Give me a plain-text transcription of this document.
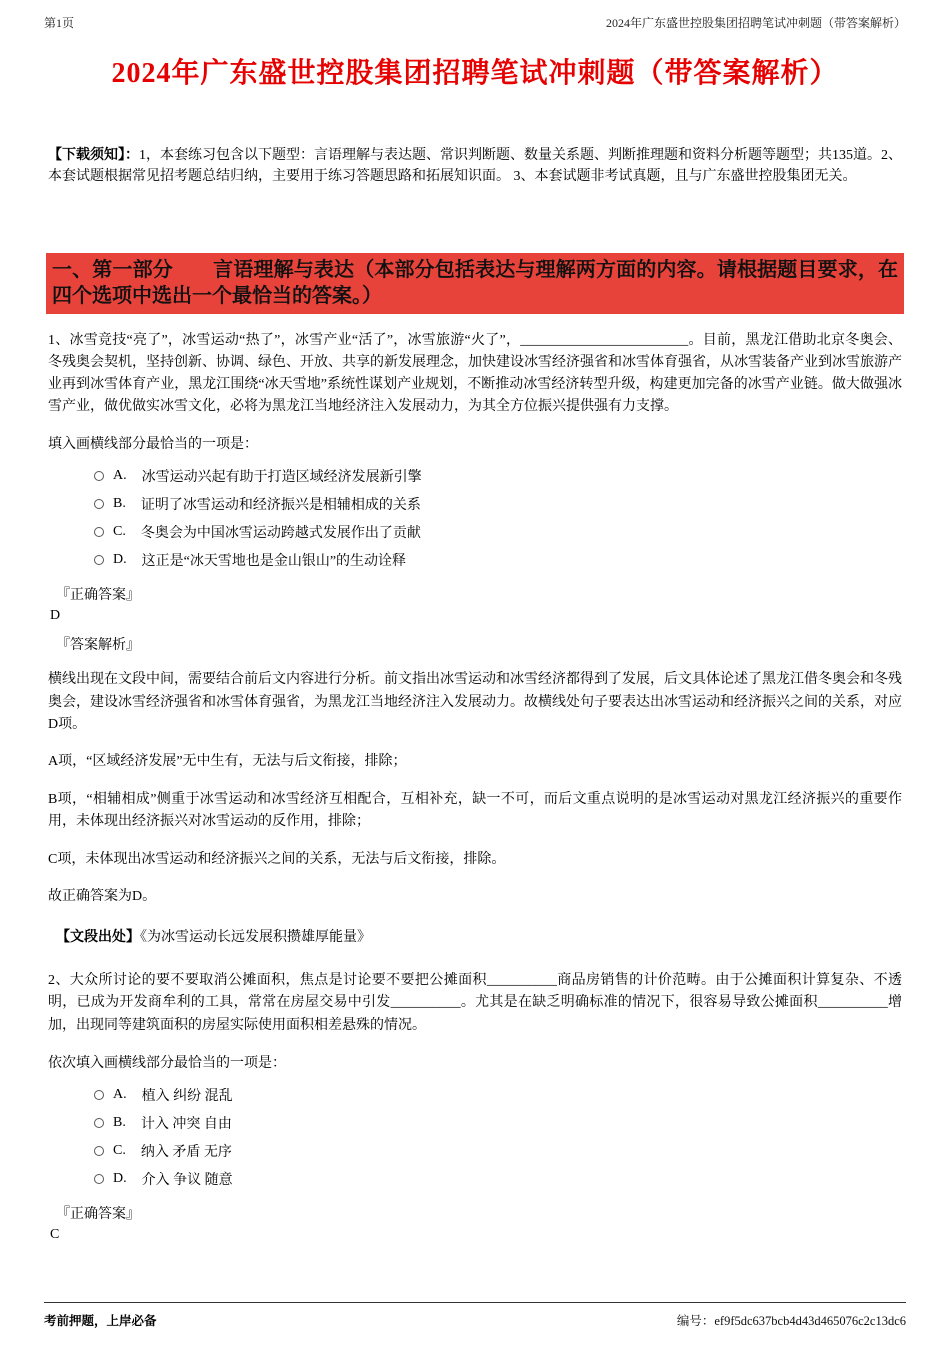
第1页	2024年广东盛世控股集团招聘笔试冲刺题（带答案解析）
2024年广东盛世控股集团招聘笔试冲刺题（带答案解析）

【下载须知】：1，本套练习包含以下题型：言语理解与表达题、常识判断题、数量关系题、判断推理题和资料分析题等题型；共135道。2、本套试题根据常见招考题总结归纳，主要用于练习答题思路和拓展知识面。 3、本套试题非考试真题，且与广东盛世控股集团无关。

一、第一部分　　言语理解与表达（本部分包括表达与理解两方面的内容。请根据题目要求，在四个选项中选出一个最恰当的答案。）

1、冰雪竞技“亮了”，冰雪运动“热了”，冰雪产业“活了”，冰雪旅游“火了”，________________________。目前，黑龙江借助北京冬奥会、冬残奥会契机，坚持创新、协调、绿色、开放、共享的新发展理念，加快建设冰雪经济强省和冰雪体育强省，从冰雪装备产业到冰雪旅游产业再到冰雪体育产业，黑龙江围绕“冰天雪地”系统性谋划产业规划，不断推动冰雪经济转型升级，构建更加完备的冰雪产业链。做大做强冰雪产业，做优做实冰雪文化，必将为黑龙江当地经济注入发展动力，为其全方位振兴提供强有力支撑。

填入画横线部分最恰当的一项是：

A. 冰雪运动兴起有助于打造区域经济发展新引擎
B. 证明了冰雪运动和经济振兴是相辅相成的关系
C. 冬奥会为中国冰雪运动跨越式发展作出了贡献
D. 这正是“冰天雪地也是金山银山”的生动诠释

『正确答案』

D

『答案解析』

横线出现在文段中间，需要结合前后文内容进行分析。前文指出冰雪运动和冰雪经济都得到了发展，后文具体论述了黑龙江借冬奥会和冬残奥会，建设冰雪经济强省和冰雪体育强省，为黑龙江当地经济注入发展动力。故横线处句子要表达出冰雪运动和经济振兴之间的关系，对应D项。

A项，“区域经济发展”无中生有，无法与后文衔接，排除；

B项，“相辅相成”侧重于冰雪运动和冰雪经济互相配合，互相补充，缺一不可，而后文重点说明的是冰雪运动对黑龙江经济振兴的重要作用，未体现出经济振兴对冰雪运动的反作用，排除；

C项，未体现出冰雪运动和经济振兴之间的关系，无法与后文衔接，排除。

故正确答案为D。

【文段出处】《为冰雪运动长远发展积攒雄厚能量》

2、大众所讨论的要不要取消公摊面积，焦点是讨论要不要把公摊面积__________商品房销售的计价范畴。由于公摊面积计算复杂、不透明，已成为开发商牟利的工具，常常在房屋交易中引发__________。尤其是在缺乏明确标准的情况下，很容易导致公摊面积__________增加，出现同等建筑面积的房屋实际使用面积相差悬殊的情况。

依次填入画横线部分最恰当的一项是：

A. 植入 纠纷 混乱
B. 计入 冲突 自由
C. 纳入 矛盾 无序
D. 介入 争议 随意

『正确答案』

C

考前押题，上岸必备	编号：ef9f5dc637bcb4d43d465076c2c13dc6
